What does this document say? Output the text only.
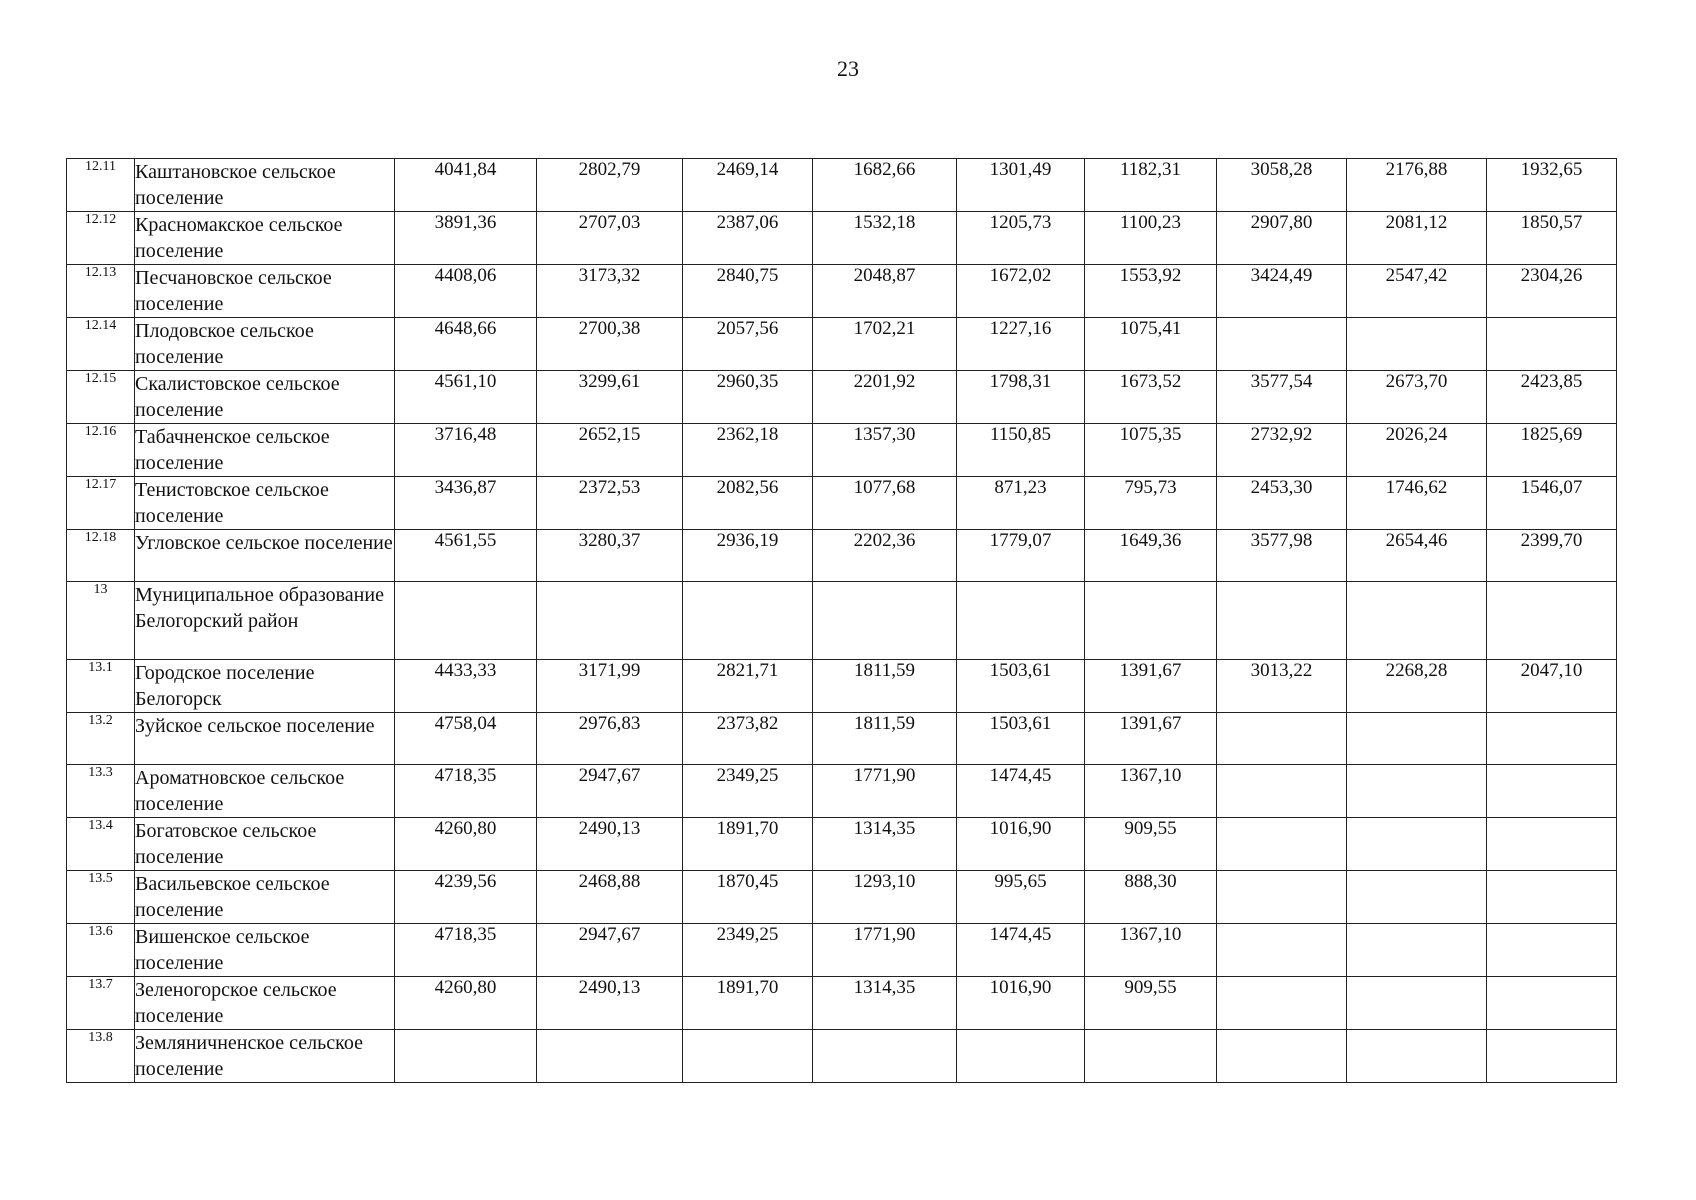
23
12.11	Каштановское сельское поселение	4041,84	2802,79	2469,14	1682,66	1301,49	1182,31	3058,28	2176,88	1932,65
12.12	Красномакское сельское поселение	3891,36	2707,03	2387,06	1532,18	1205,73	1100,23	2907,80	2081,12	1850,57
12.13	Песчановское сельское поселение	4408,06	3173,32	2840,75	2048,87	1672,02	1553,92	3424,49	2547,42	2304,26
12.14	Плодовское сельское поселение	4648,66	2700,38	2057,56	1702,21	1227,16	1075,41			
12.15	Скалистовское сельское поселение	4561,10	3299,61	2960,35	2201,92	1798,31	1673,52	3577,54	2673,70	2423,85
12.16	Табачненское сельское поселение	3716,48	2652,15	2362,18	1357,30	1150,85	1075,35	2732,92	2026,24	1825,69
12.17	Тенистовское сельское поселение	3436,87	2372,53	2082,56	1077,68	871,23	795,73	2453,30	1746,62	1546,07
12.18	Угловское сельское поселение	4561,55	3280,37	2936,19	2202,36	1779,07	1649,36	3577,98	2654,46	2399,70
13	Муниципальное образование Белогорский район									
13.1	Городское поселение Белогорск	4433,33	3171,99	2821,71	1811,59	1503,61	1391,67	3013,22	2268,28	2047,10
13.2	Зуйское сельское поселение	4758,04	2976,83	2373,82	1811,59	1503,61	1391,67			
13.3	Ароматновское сельское поселение	4718,35	2947,67	2349,25	1771,90	1474,45	1367,10			
13.4	Богатовское сельское поселение	4260,80	2490,13	1891,70	1314,35	1016,90	909,55			
13.5	Васильевское сельское поселение	4239,56	2468,88	1870,45	1293,10	995,65	888,30			
13.6	Вишенское сельское поселение	4718,35	2947,67	2349,25	1771,90	1474,45	1367,10			
13.7	Зеленогорское сельское поселение	4260,80	2490,13	1891,70	1314,35	1016,90	909,55			
13.8	Земляничненское сельское поселение									
